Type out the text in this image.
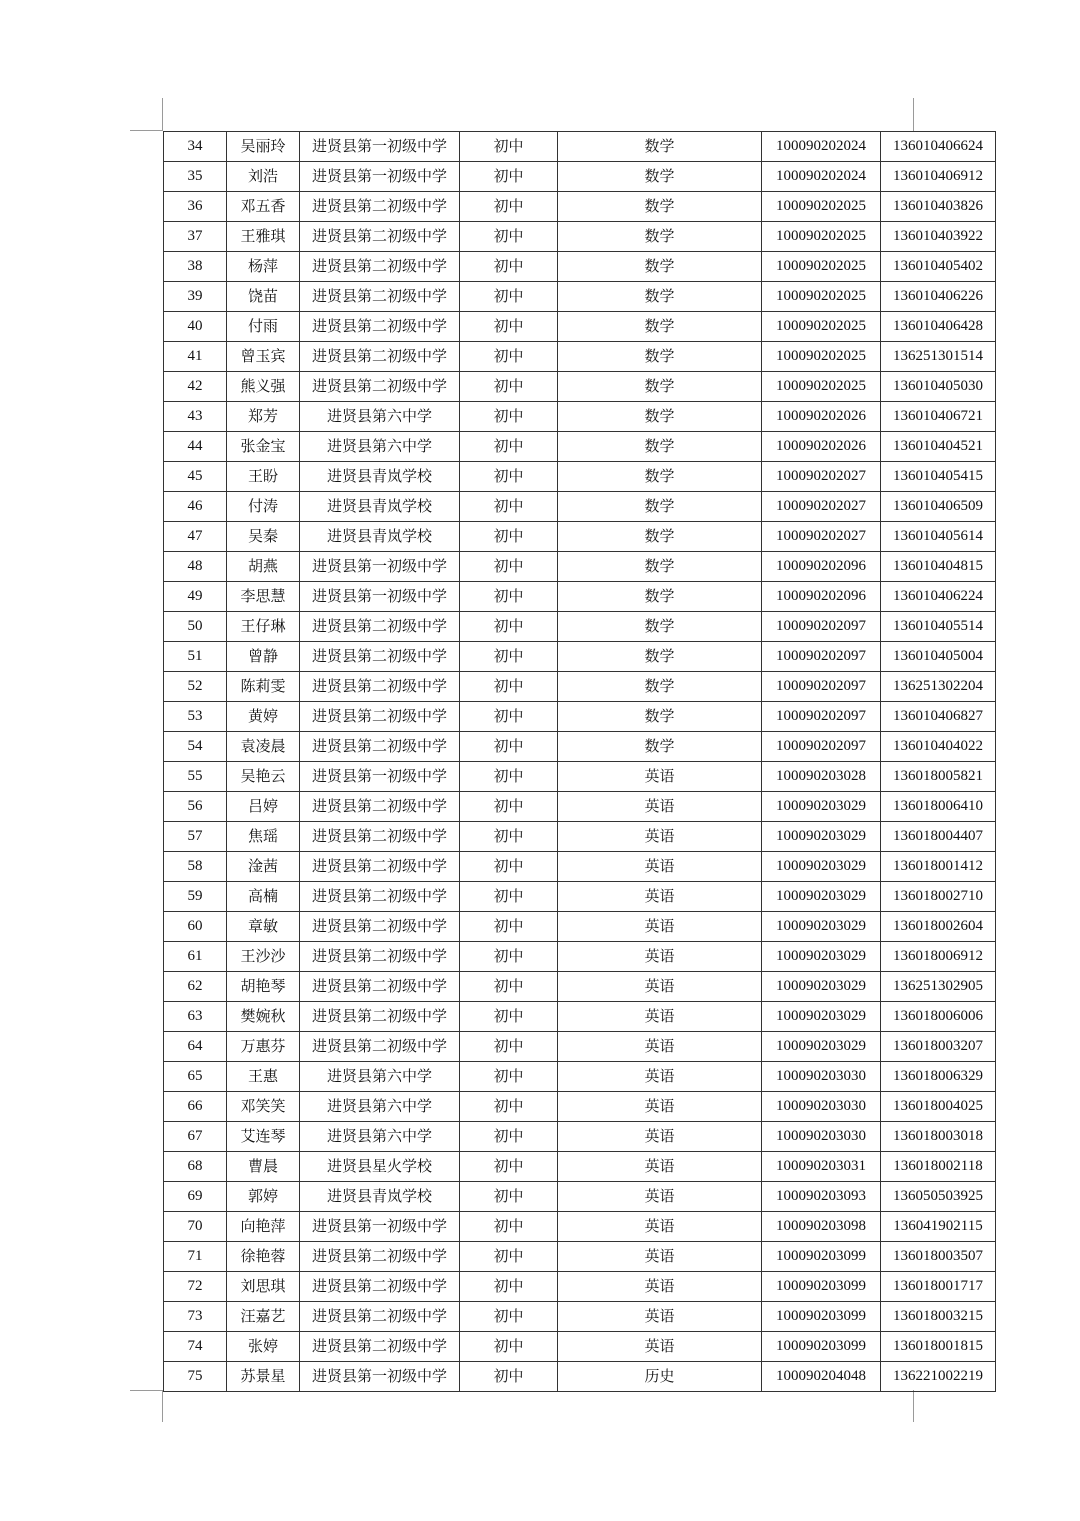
34	吴丽玲	进贤县第一初级中学	初中	数学	100090202024	136010406624
35	刘浩	进贤县第一初级中学	初中	数学	100090202024	136010406912
36	邓五香	进贤县第二初级中学	初中	数学	100090202025	136010403826
37	王雅琪	进贤县第二初级中学	初中	数学	100090202025	136010403922
38	杨萍	进贤县第二初级中学	初中	数学	100090202025	136010405402
39	饶苗	进贤县第二初级中学	初中	数学	100090202025	136010406226
40	付雨	进贤县第二初级中学	初中	数学	100090202025	136010406428
41	曾玉宾	进贤县第二初级中学	初中	数学	100090202025	136251301514
42	熊义强	进贤县第二初级中学	初中	数学	100090202025	136010405030
43	郑芳	进贤县第六中学	初中	数学	100090202026	136010406721
44	张金宝	进贤县第六中学	初中	数学	100090202026	136010404521
45	王盼	进贤县青岚学校	初中	数学	100090202027	136010405415
46	付涛	进贤县青岚学校	初中	数学	100090202027	136010406509
47	吴秦	进贤县青岚学校	初中	数学	100090202027	136010405614
48	胡燕	进贤县第一初级中学	初中	数学	100090202096	136010404815
49	李思慧	进贤县第一初级中学	初中	数学	100090202096	136010406224
50	王仔琳	进贤县第二初级中学	初中	数学	100090202097	136010405514
51	曾静	进贤县第二初级中学	初中	数学	100090202097	136010405004
52	陈莉雯	进贤县第二初级中学	初中	数学	100090202097	136251302204
53	黄婷	进贤县第二初级中学	初中	数学	100090202097	136010406827
54	袁凌晨	进贤县第二初级中学	初中	数学	100090202097	136010404022
55	吴艳云	进贤县第一初级中学	初中	英语	100090203028	136018005821
56	吕婷	进贤县第二初级中学	初中	英语	100090203029	136018006410
57	焦瑶	进贤县第二初级中学	初中	英语	100090203029	136018004407
58	淦茜	进贤县第二初级中学	初中	英语	100090203029	136018001412
59	高楠	进贤县第二初级中学	初中	英语	100090203029	136018002710
60	章敏	进贤县第二初级中学	初中	英语	100090203029	136018002604
61	王沙沙	进贤县第二初级中学	初中	英语	100090203029	136018006912
62	胡艳琴	进贤县第二初级中学	初中	英语	100090203029	136251302905
63	樊婉秋	进贤县第二初级中学	初中	英语	100090203029	136018006006
64	万惠芬	进贤县第二初级中学	初中	英语	100090203029	136018003207
65	王惠	进贤县第六中学	初中	英语	100090203030	136018006329
66	邓笑笑	进贤县第六中学	初中	英语	100090203030	136018004025
67	艾连琴	进贤县第六中学	初中	英语	100090203030	136018003018
68	曹晨	进贤县星火学校	初中	英语	100090203031	136018002118
69	郭婷	进贤县青岚学校	初中	英语	100090203093	136050503925
70	向艳萍	进贤县第一初级中学	初中	英语	100090203098	136041902115
71	徐艳蓉	进贤县第二初级中学	初中	英语	100090203099	136018003507
72	刘思琪	进贤县第二初级中学	初中	英语	100090203099	136018001717
73	汪嘉艺	进贤县第二初级中学	初中	英语	100090203099	136018003215
74	张婷	进贤县第二初级中学	初中	英语	100090203099	136018001815
75	苏景星	进贤县第一初级中学	初中	历史	100090204048	136221002219
